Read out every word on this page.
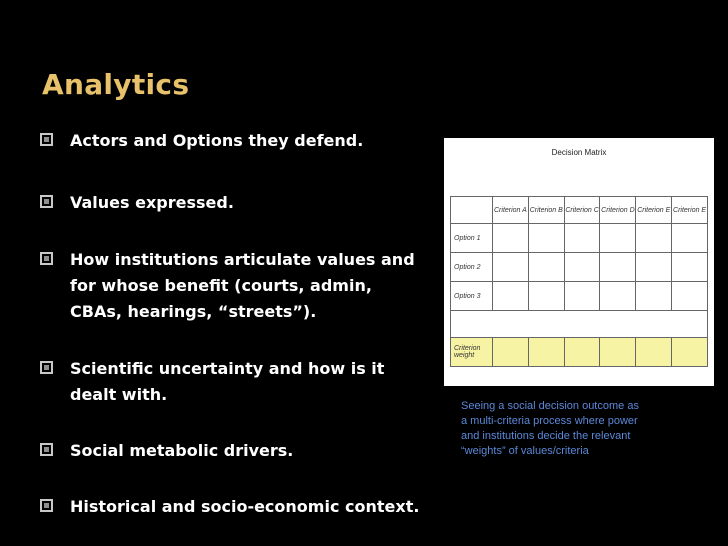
Analytics
Actors and Options they defend.
Values expressed.
How institutions articulate values and for whose benefit (courts, admin, CBAs, hearings, “streets”).
Scientific uncertainty and how is it dealt with.
Social metabolic drivers.
Historical and socio-economic context.
Decision Matrix
	Criterion A	Criterion B	Criterion C	Criterion D	Criterion E	Criterion E
Option 1						
Option 2						
Option 3						

Criterion weight						
Seeing a social decision outcome as
a multi-criteria process where power
and institutions decide the relevant
“weights” of values/criteria
